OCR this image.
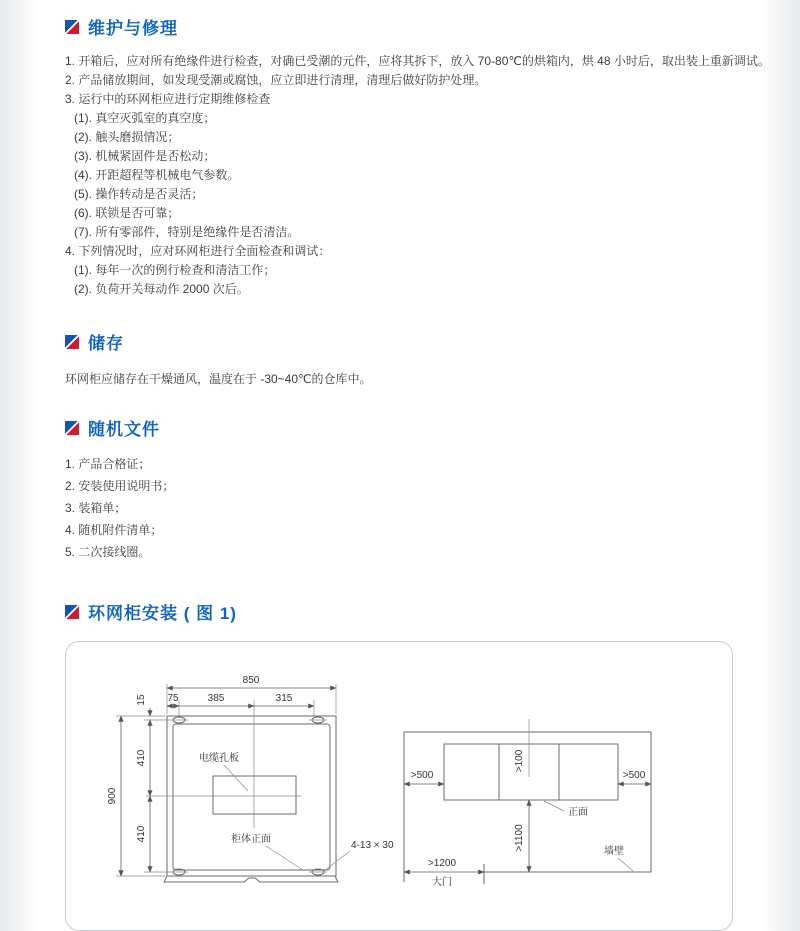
维护与修理
1. 开箱后，应对所有绝缘件进行检查，对确已受潮的元件，应将其拆下，放入 70-80℃的烘箱内，烘 48 小时后，取出装上重新调试。
2. 产品储放期间，如发现受潮或腐蚀，应立即进行清理，清理后做好防护处理。
3. 运行中的环网柜应进行定期维修检查
(1). 真空灭弧室的真空度；
(2). 触头磨损情况；
(3). 机械紧固件是否松动；
(4). 开距超程等机械电气参数。
(5). 操作转动是否灵活；
(6). 联锁是否可靠；
(7). 所有零部件，特别是绝缘件是否清洁。
4. 下列情况时，应对环网柜进行全面检查和调试：
(1). 每年一次的例行检查和清洁工作；
(2). 负荷开关每动作 2000 次后。
储存
环网柜应储存在干燥通风，温度在于 -30~40℃的仓库中。
随机文件
1. 产品合格证；
2. 安装使用说明书；
3. 装箱单；
4. 随机附件清单；
5. 二次接线圈。
环网柜安装 ( 图 1)
850
75	385	315
电缆孔板
柜体正面
4-13 × 30
900
410
410
15
>100
>500	>500
正面
>1100
>1200
大门
墙壁
